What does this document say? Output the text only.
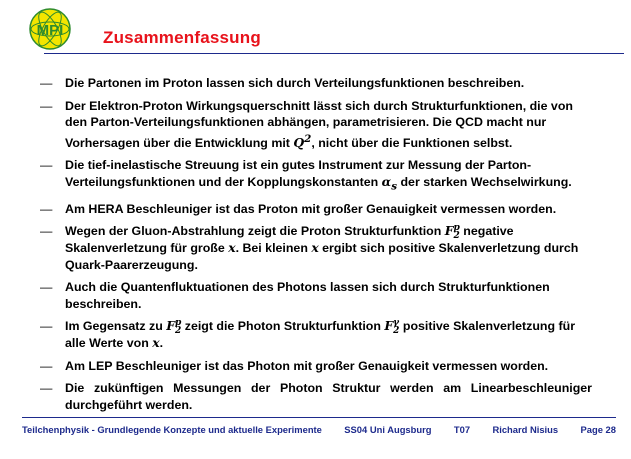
MPI Zusammenfassung
— Die Partonen im Proton lassen sich durch Verteilungsfunktionen beschreiben.
— Der Elektron-Proton Wirkungsquerschnitt lässt sich durch Strukturfunktionen, die von den Parton-Verteilungsfunktionen abhängen, parametrisieren. Die QCD macht nur Vorhersagen über die Entwicklung mit $Q^2$, nicht über die Funktionen selbst.
— Die tief-inelastische Streuung ist ein gutes Instrument zur Messung der Parton-Verteilungsfunktionen und der Kopplungskonstanten $\alpha_s$ der starken Wechselwirkung.
— Am HERA Beschleuniger ist das Proton mit großer Genauigkeit vermessen worden.
— Wegen der Gluon-Abstrahlung zeigt die Proton Strukturfunktion F p
2 negative Skalenverletzung für große x. Bei kleinen x ergibt sich positive Skalenverletzung durch Quark-Paarerzeugung.
— Auch die Quantenfluktuationen des Photons lassen sich durch Strukturfunktionen beschreiben.
— Im Gegensatz zu F p
2 zeigt die Photon Strukturfunktion F γ
2 positive Skalenverletzung für alle Werte von x.
— Am LEP Beschleuniger ist das Photon mit großer Genauigkeit vermessen worden.
— Die zukünftigen Messungen der Photon Struktur werden am Linearbeschleuniger durchgeführt werden.
Teilchenphysik - Grundlegende Konzepte und aktuelle Experimente SS04 Uni Augsburg T07 Richard Nisius Page 28
